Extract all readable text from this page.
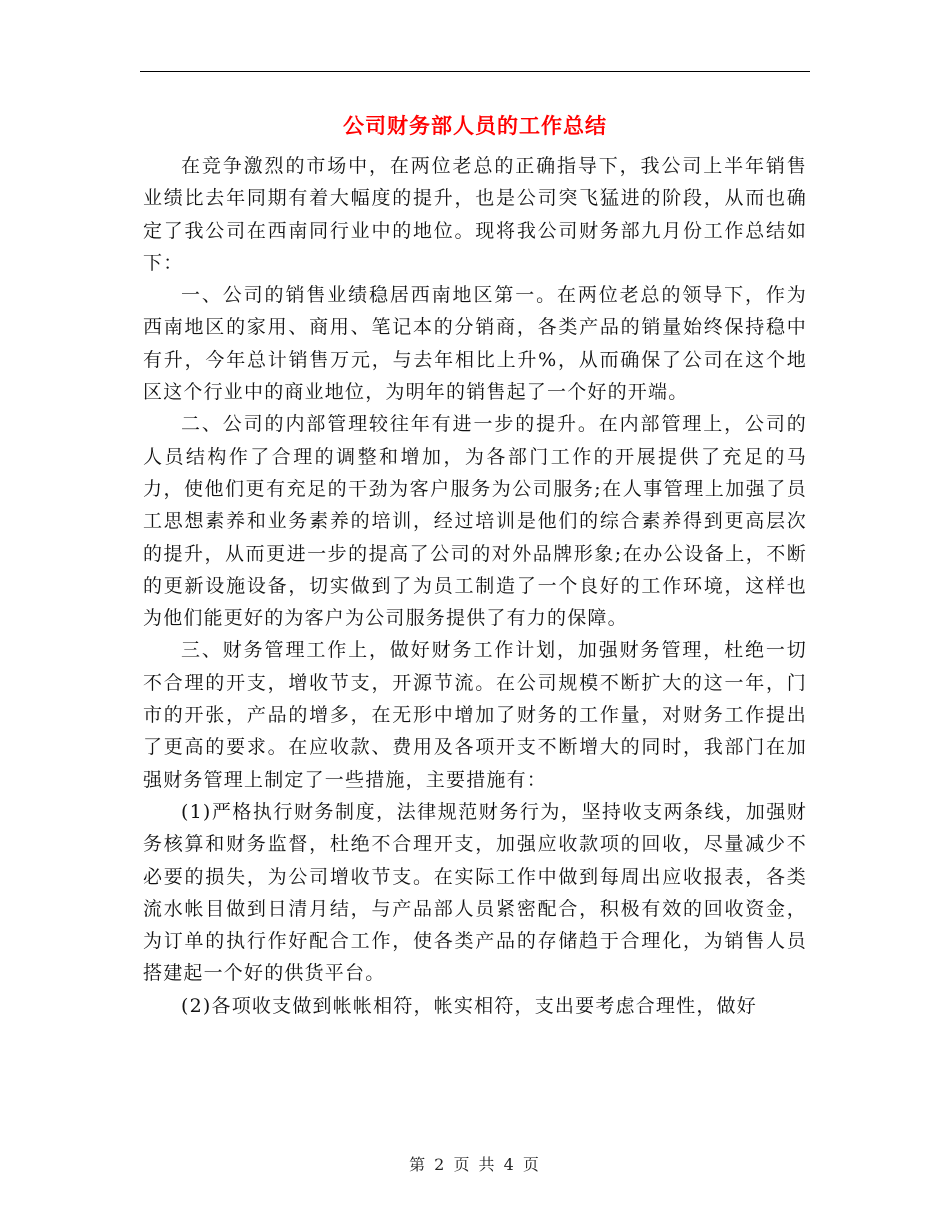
公司财务部人员的工作总结

在竞争激烈的市场中，在两位老总的正确指导下，我公司上半年销售业绩比去年同期有着大幅度的提升，也是公司突飞猛进的阶段，从而也确定了我公司在西南同行业中的地位。现将我公司财务部九月份工作总结如下：

一、公司的销售业绩稳居西南地区第一。在两位老总的领导下，作为西南地区的家用、商用、笔记本的分销商，各类产品的销量始终保持稳中有升，今年总计销售万元，与去年相比上升%，从而确保了公司在这个地区这个行业中的商业地位，为明年的销售起了一个好的开端。

二、公司的内部管理较往年有进一步的提升。在内部管理上，公司的人员结构作了合理的调整和增加，为各部门工作的开展提供了充足的马力，使他们更有充足的干劲为客户服务为公司服务;在人事管理上加强了员工思想素养和业务素养的培训，经过培训是他们的综合素养得到更高层次的提升，从而更进一步的提高了公司的对外品牌形象;在办公设备上，不断的更新设施设备，切实做到了为员工制造了一个良好的工作环境，这样也为他们能更好的为客户为公司服务提供了有力的保障。

三、财务管理工作上，做好财务工作计划，加强财务管理，杜绝一切不合理的开支，增收节支，开源节流。在公司规模不断扩大的这一年，门市的开张，产品的增多，在无形中增加了财务的工作量，对财务工作提出了更高的要求。在应收款、费用及各项开支不断增大的同时，我部门在加强财务管理上制定了一些措施，主要措施有：

(1)严格执行财务制度，法律规范财务行为，坚持收支两条线，加强财务核算和财务监督，杜绝不合理开支，加强应收款项的回收，尽量减少不必要的损失，为公司增收节支。在实际工作中做到每周出应收报表，各类流水帐目做到日清月结，与产品部人员紧密配合，积极有效的回收资金，为订单的执行作好配合工作，使各类产品的存储趋于合理化，为销售人员搭建起一个好的供货平台。

(2)各项收支做到帐帐相符，帐实相符，支出要考虑合理性，做好

第 2 页 共 4 页
